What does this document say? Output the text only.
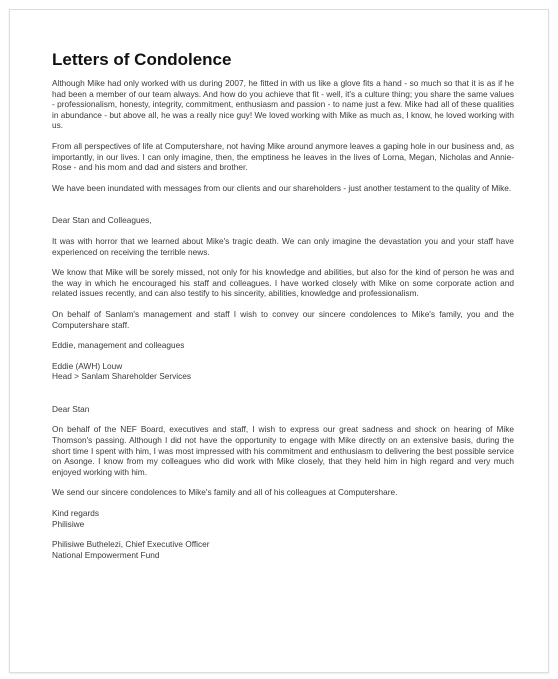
Letters of Condolence

Although Mike had only worked with us during 2007, he fitted in with us like a glove fits a hand - so much so that it is as if he had been a member of our team always. And how do you achieve that fit - well, it's a culture thing; you share the same values - professionalism, honesty, integrity, commitment, enthusiasm and passion - to name just a few. Mike had all of these qualities in abundance - but above all, he was a really nice guy! We loved working with Mike as much as, I know, he loved working with us.

From all perspectives of life at Computershare, not having Mike around anymore leaves a gaping hole in our business and, as importantly, in our lives. I can only imagine, then, the emptiness he leaves in the lives of Lorna, Megan, Nicholas and Annie-Rose - and his mom and dad and sisters and brother.

We have been inundated with messages from our clients and our shareholders - just another testament to the quality of Mike.

Dear Stan and Colleagues,

It was with horror that we learned about Mike's tragic death. We can only imagine the devastation you and your staff have experienced on receiving the terrible news.

We know that Mike will be sorely missed, not only for his knowledge and abilities, but also for the kind of person he was and the way in which he encouraged his staff and colleagues. I have worked closely with Mike on some corporate action and related issues recently, and can also testify to his sincerity, abilities, knowledge and professionalism.

On behalf of Sanlam's management and staff I wish to convey our sincere condolences to Mike's family, you and the Computershare staff.

Eddie, management and colleagues

Eddie (AWH) Louw

Head > Sanlam Shareholder Services

Dear Stan

On behalf of the NEF Board, executives and staff, I wish to express our great sadness and shock on hearing of Mike Thomson's passing. Although I did not have the opportunity to engage with Mike directly on an extensive basis, during the short time I spent with him, I was most impressed with his commitment and enthusiasm to delivering the best possible service on Asonge. I know from my colleagues who did work with Mike closely, that they held him in high regard and very much enjoyed working with him.

We send our sincere condolences to Mike's family and all of his colleagues at Computershare.

Kind regards

Philisiwe

Philisiwe Buthelezi, Chief Executive Officer

National Empowerment Fund
